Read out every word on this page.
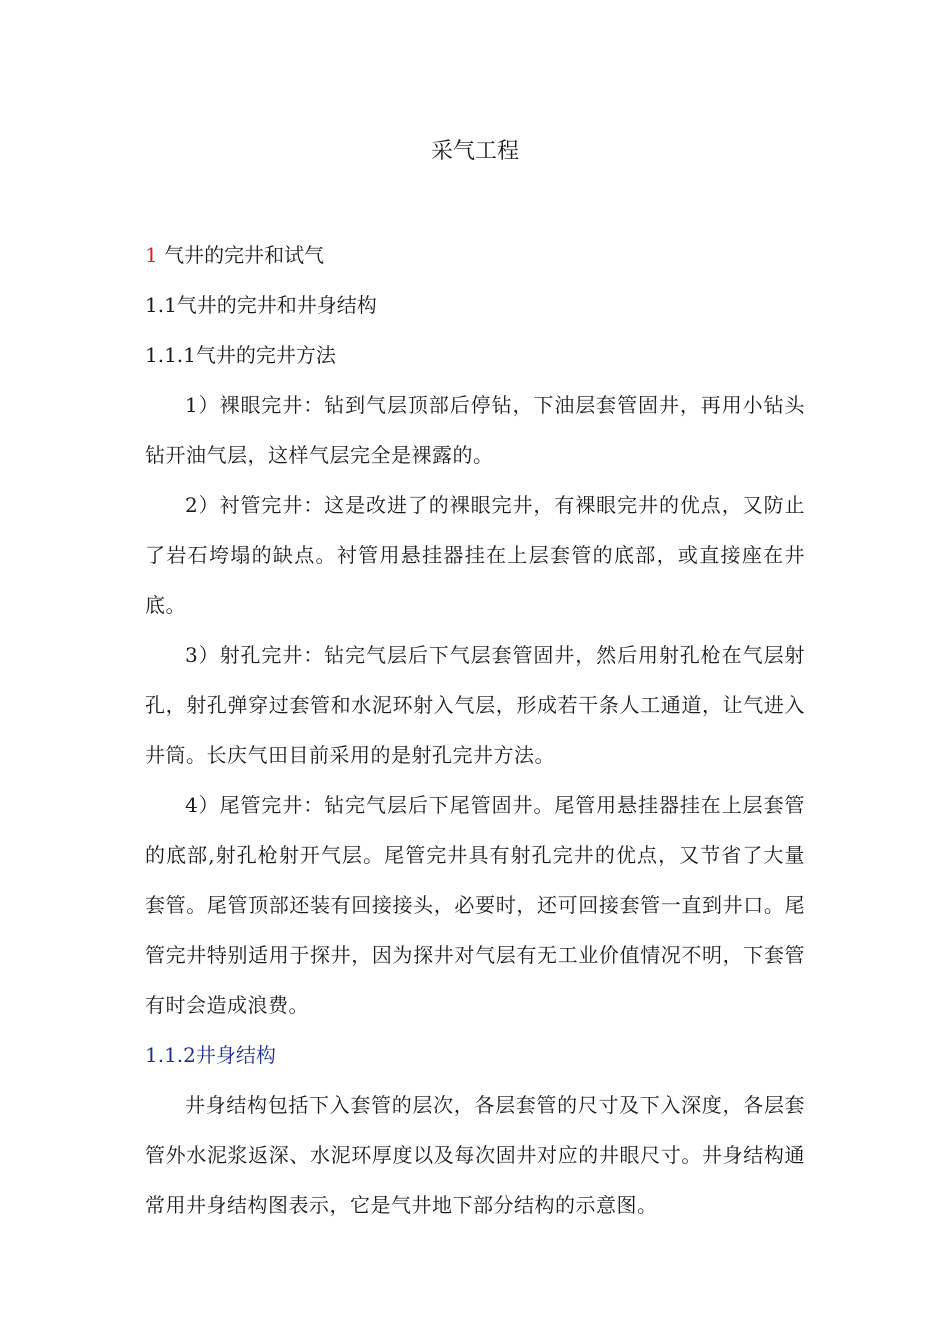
采气工程
1 气井的完井和试气
1.1气井的完井和井身结构
1.1.1气井的完井方法

1）裸眼完井：钻到气层顶部后停钻，下油层套管固井，再用小钻头钻开油气层，这样气层完全是裸露的。

2）衬管完井：这是改进了的裸眼完井，有裸眼完井的优点，又防止了岩石垮塌的缺点。衬管用悬挂器挂在上层套管的底部，或直接座在井底。

3）射孔完井：钻完气层后下气层套管固井，然后用射孔枪在气层射孔，射孔弹穿过套管和水泥环射入气层，形成若干条人工通道，让气进入井筒。长庆气田目前采用的是射孔完井方法。

4）尾管完井：钻完气层后下尾管固井。尾管用悬挂器挂在上层套管的底部,射孔枪射开气层。尾管完井具有射孔完井的优点，又节省了大量套管。尾管顶部还装有回接接头，必要时，还可回接套管一直到井口。尾管完井特别适用于探井，因为探井对气层有无工业价值情况不明，下套管有时会造成浪费。

1.1.2井身结构

井身结构包括下入套管的层次，各层套管的尺寸及下入深度，各层套管外水泥浆返深、水泥环厚度以及每次固井对应的井眼尺寸。井身结构通常用井身结构图表示，它是气井地下部分结构的示意图。
